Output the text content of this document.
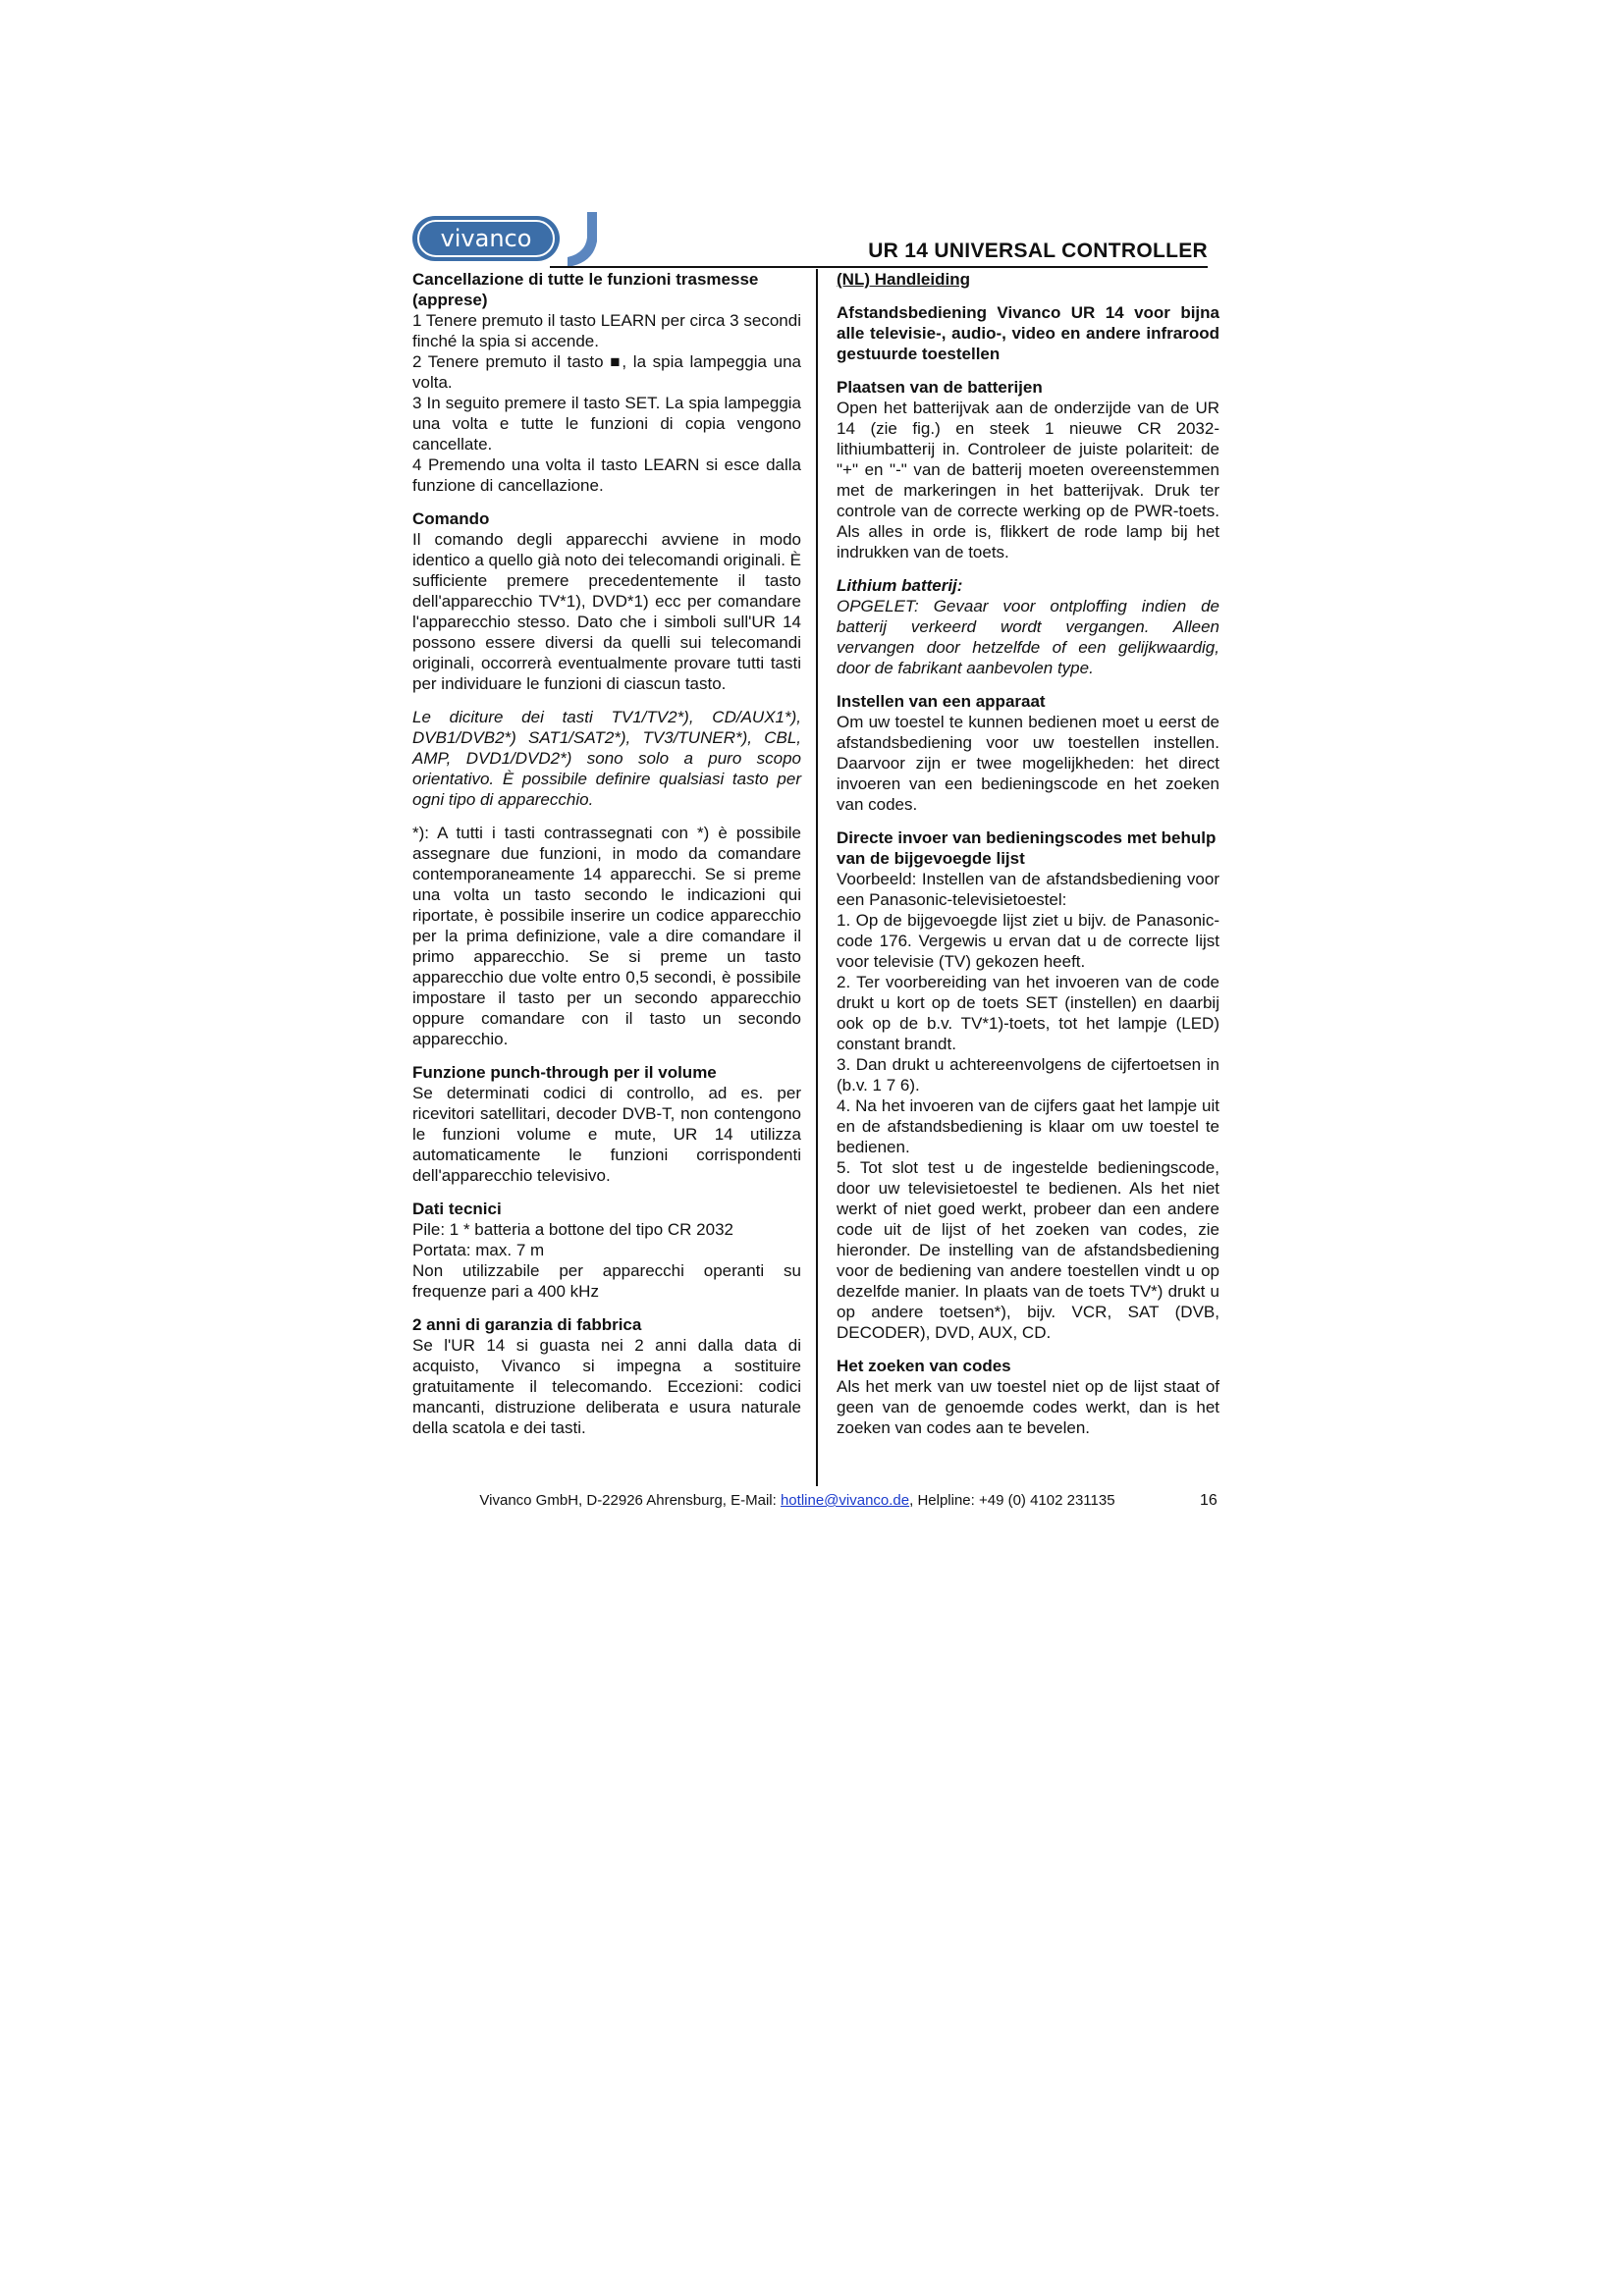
vivanco	UR 14 UNIVERSAL CONTROLLER
Cancellazione di tutte le funzioni trasmesse (apprese)

1 Tenere premuto il tasto LEARN per circa 3 secondi finché la spia si accende.

2 Tenere premuto il tasto ■, la spia lampeggia una volta.

3 In seguito premere il tasto SET. La spia lampeggia una volta e tutte le funzioni di copia vengono cancellate.

4 Premendo una volta il tasto LEARN si esce dalla funzione di cancellazione.

Comando

Il comando degli apparecchi avviene in modo identico a quello già noto dei telecomandi originali. È sufficiente premere precedentemente il tasto dell'apparecchio TV*1), DVD*1) ecc per comandare l'apparecchio stesso. Dato che i simboli sull'UR 14 possono essere diversi da quelli sui telecomandi originali, occorrerà eventualmente provare tutti tasti per individuare le funzioni di ciascun tasto.

Le diciture dei tasti TV1/TV2*), CD/AUX1*), DVB1/DVB2*) SAT1/SAT2*), TV3/TUNER*), CBL, AMP, DVD1/DVD2*) sono solo a puro scopo orientativo. È possibile definire qualsiasi tasto per ogni tipo di apparecchio.

*): A tutti i tasti contrassegnati con *) è possibile assegnare due funzioni, in modo da comandare contemporaneamente 14 apparecchi. Se si preme una volta un tasto secondo le indicazioni qui riportate, è possibile inserire un codice apparecchio per la prima definizione, vale a dire comandare il primo apparecchio. Se si preme un tasto apparecchio due volte entro 0,5 secondi, è possibile impostare il tasto per un secondo apparecchio oppure comandare con il tasto un secondo apparecchio.

Funzione punch-through per il volume

Se determinati codici di controllo, ad es. per ricevitori satellitari, decoder DVB-T, non contengono le funzioni volume e mute, UR 14 utilizza automaticamente le funzioni corrispondenti dell'apparecchio televisivo.

Dati tecnici

Pile: 1 * batteria a bottone del tipo CR 2032

Portata: max. 7 m

Non utilizzabile per apparecchi operanti su frequenze pari a 400 kHz

2 anni di garanzia di fabbrica

Se l'UR 14 si guasta nei 2 anni dalla data di acquisto, Vivanco si impegna a sostituire gratuitamente il telecomando. Eccezioni: codici mancanti, distruzione deliberata e usura naturale della scatola e dei tasti.

(NL) Handleiding

Afstandsbediening Vivanco UR 14 voor bijna alle televisie-, audio-, video en andere infrarood gestuurde toestellen

Plaatsen van de batterijen

Open het batterijvak aan de onderzijde van de UR 14 (zie fig.) en steek 1 nieuwe CR 2032-lithiumbatterij in. Controleer de juiste polariteit: de "+" en "-" van de batterij moeten overeenstemmen met de markeringen in het batterijvak. Druk ter controle van de correcte werking op de PWR-toets. Als alles in orde is, flikkert de rode lamp bij het indrukken van de toets.

Lithium batterij:

OPGELET: Gevaar voor ontploffing indien de batterij verkeerd wordt vergangen. Alleen vervangen door hetzelfde of een gelijkwaardig, door de fabrikant aanbevolen type.

Instellen van een apparaat

Om uw toestel te kunnen bedienen moet u eerst de afstandsbediening voor uw toestellen instellen. Daarvoor zijn er twee mogelijkheden: het direct invoeren van een bedieningscode en het zoeken van codes.

Directe invoer van bedieningscodes met behulp van de bijgevoegde lijst

Voorbeeld: Instellen van de afstandsbediening voor een Panasonic-televisietoestel:

1. Op de bijgevoegde lijst ziet u bijv. de Panasonic-code 176. Vergewis u ervan dat u de correcte lijst voor televisie (TV) gekozen heeft.

2. Ter voorbereiding van het invoeren van de code drukt u kort op de toets SET (instellen) en daarbij ook op de b.v. TV*1)-toets, tot het lampje (LED) constant brandt.

3. Dan drukt u achtereenvolgens de cijfertoetsen in (b.v. 1 7 6).

4. Na het invoeren van de cijfers gaat het lampje uit en de afstandsbediening is klaar om uw toestel te bedienen.

5. Tot slot test u de ingestelde bedieningscode, door uw televisietoestel te bedienen. Als het niet werkt of niet goed werkt, probeer dan een andere code uit de lijst of het zoeken van codes, zie hieronder. De instelling van de afstandsbediening voor de bediening van andere toestellen vindt u op dezelfde manier. In plaats van de toets TV*) drukt u op andere toetsen*), bijv. VCR, SAT (DVB, DECODER), DVD, AUX, CD.

Het zoeken van codes

Als het merk van uw toestel niet op de lijst staat of geen van de genoemde codes werkt, dan is het zoeken van codes aan te bevelen.

Vivanco GmbH, D-22926 Ahrensburg, E-Mail: hotline@vivanco.de, Helpline: +49 (0) 4102 231135	16
